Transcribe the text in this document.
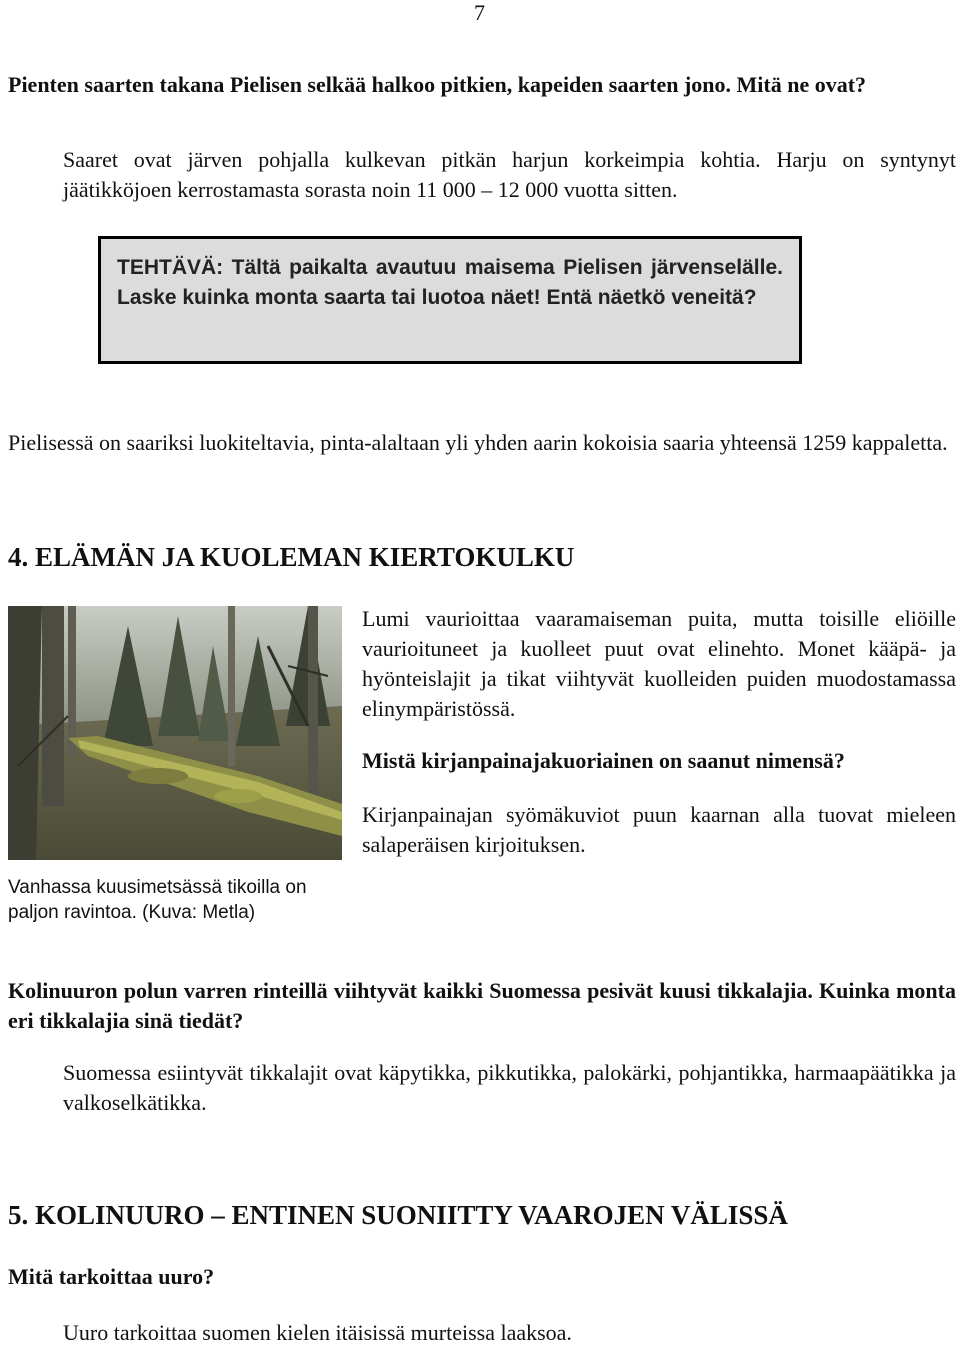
7
Pienten saarten takana Pielisen selkää halkoo pitkien, kapeiden saarten jono. Mitä ne ovat?
Saaret ovat järven pohjalla kulkevan pitkän harjun korkeimpia kohtia. Harju on syntynyt jäätikköjoen kerrostamasta sorasta noin 11 000 – 12 000 vuotta sitten.
TEHTÄVÄ: Tältä paikalta avautuu maisema Pielisen järvenselälle. Laske kuinka monta saarta tai luotoa näet! Entä näetkö veneitä?
Pielisessä on saariksi luokiteltavia, pinta-alaltaan yli yhden aarin kokoisia saaria yhteensä 1259 kappaletta.
4. ELÄMÄN JA KUOLEMAN KIERTOKULKU
Vanhassa kuusimetsässä tikoilla on paljon ravintoa. (Kuva: Metla)
Lumi vaurioittaa vaaramaiseman puita, mutta toisille eliöille vaurioituneet ja kuolleet puut ovat elinehto. Monet kääpä- ja hyönteislajit ja tikat viihtyvät kuolleiden puiden muodostamassa elinympäristössä.
Mistä kirjanpainajakuoriainen on saanut nimensä?
Kirjanpainajan syömäkuviot puun kaarnan alla tuovat mieleen salaperäisen kirjoituksen.
Kolinuuron polun varren rinteillä viihtyvät kaikki Suomessa pesivät kuusi tikkalajia. Kuinka monta eri tikkalajia sinä tiedät?
Suomessa esiintyvät tikkalajit ovat käpytikka, pikkutikka, palokärki, pohjantikka, harmaapäätikka ja valkoselkätikka.
5. KOLINUURO – ENTINEN SUONIITTY VAAROJEN VÄLISSÄ
Mitä tarkoittaa uuro?
Uuro tarkoittaa suomen kielen itäisissä murteissa laaksoa.
